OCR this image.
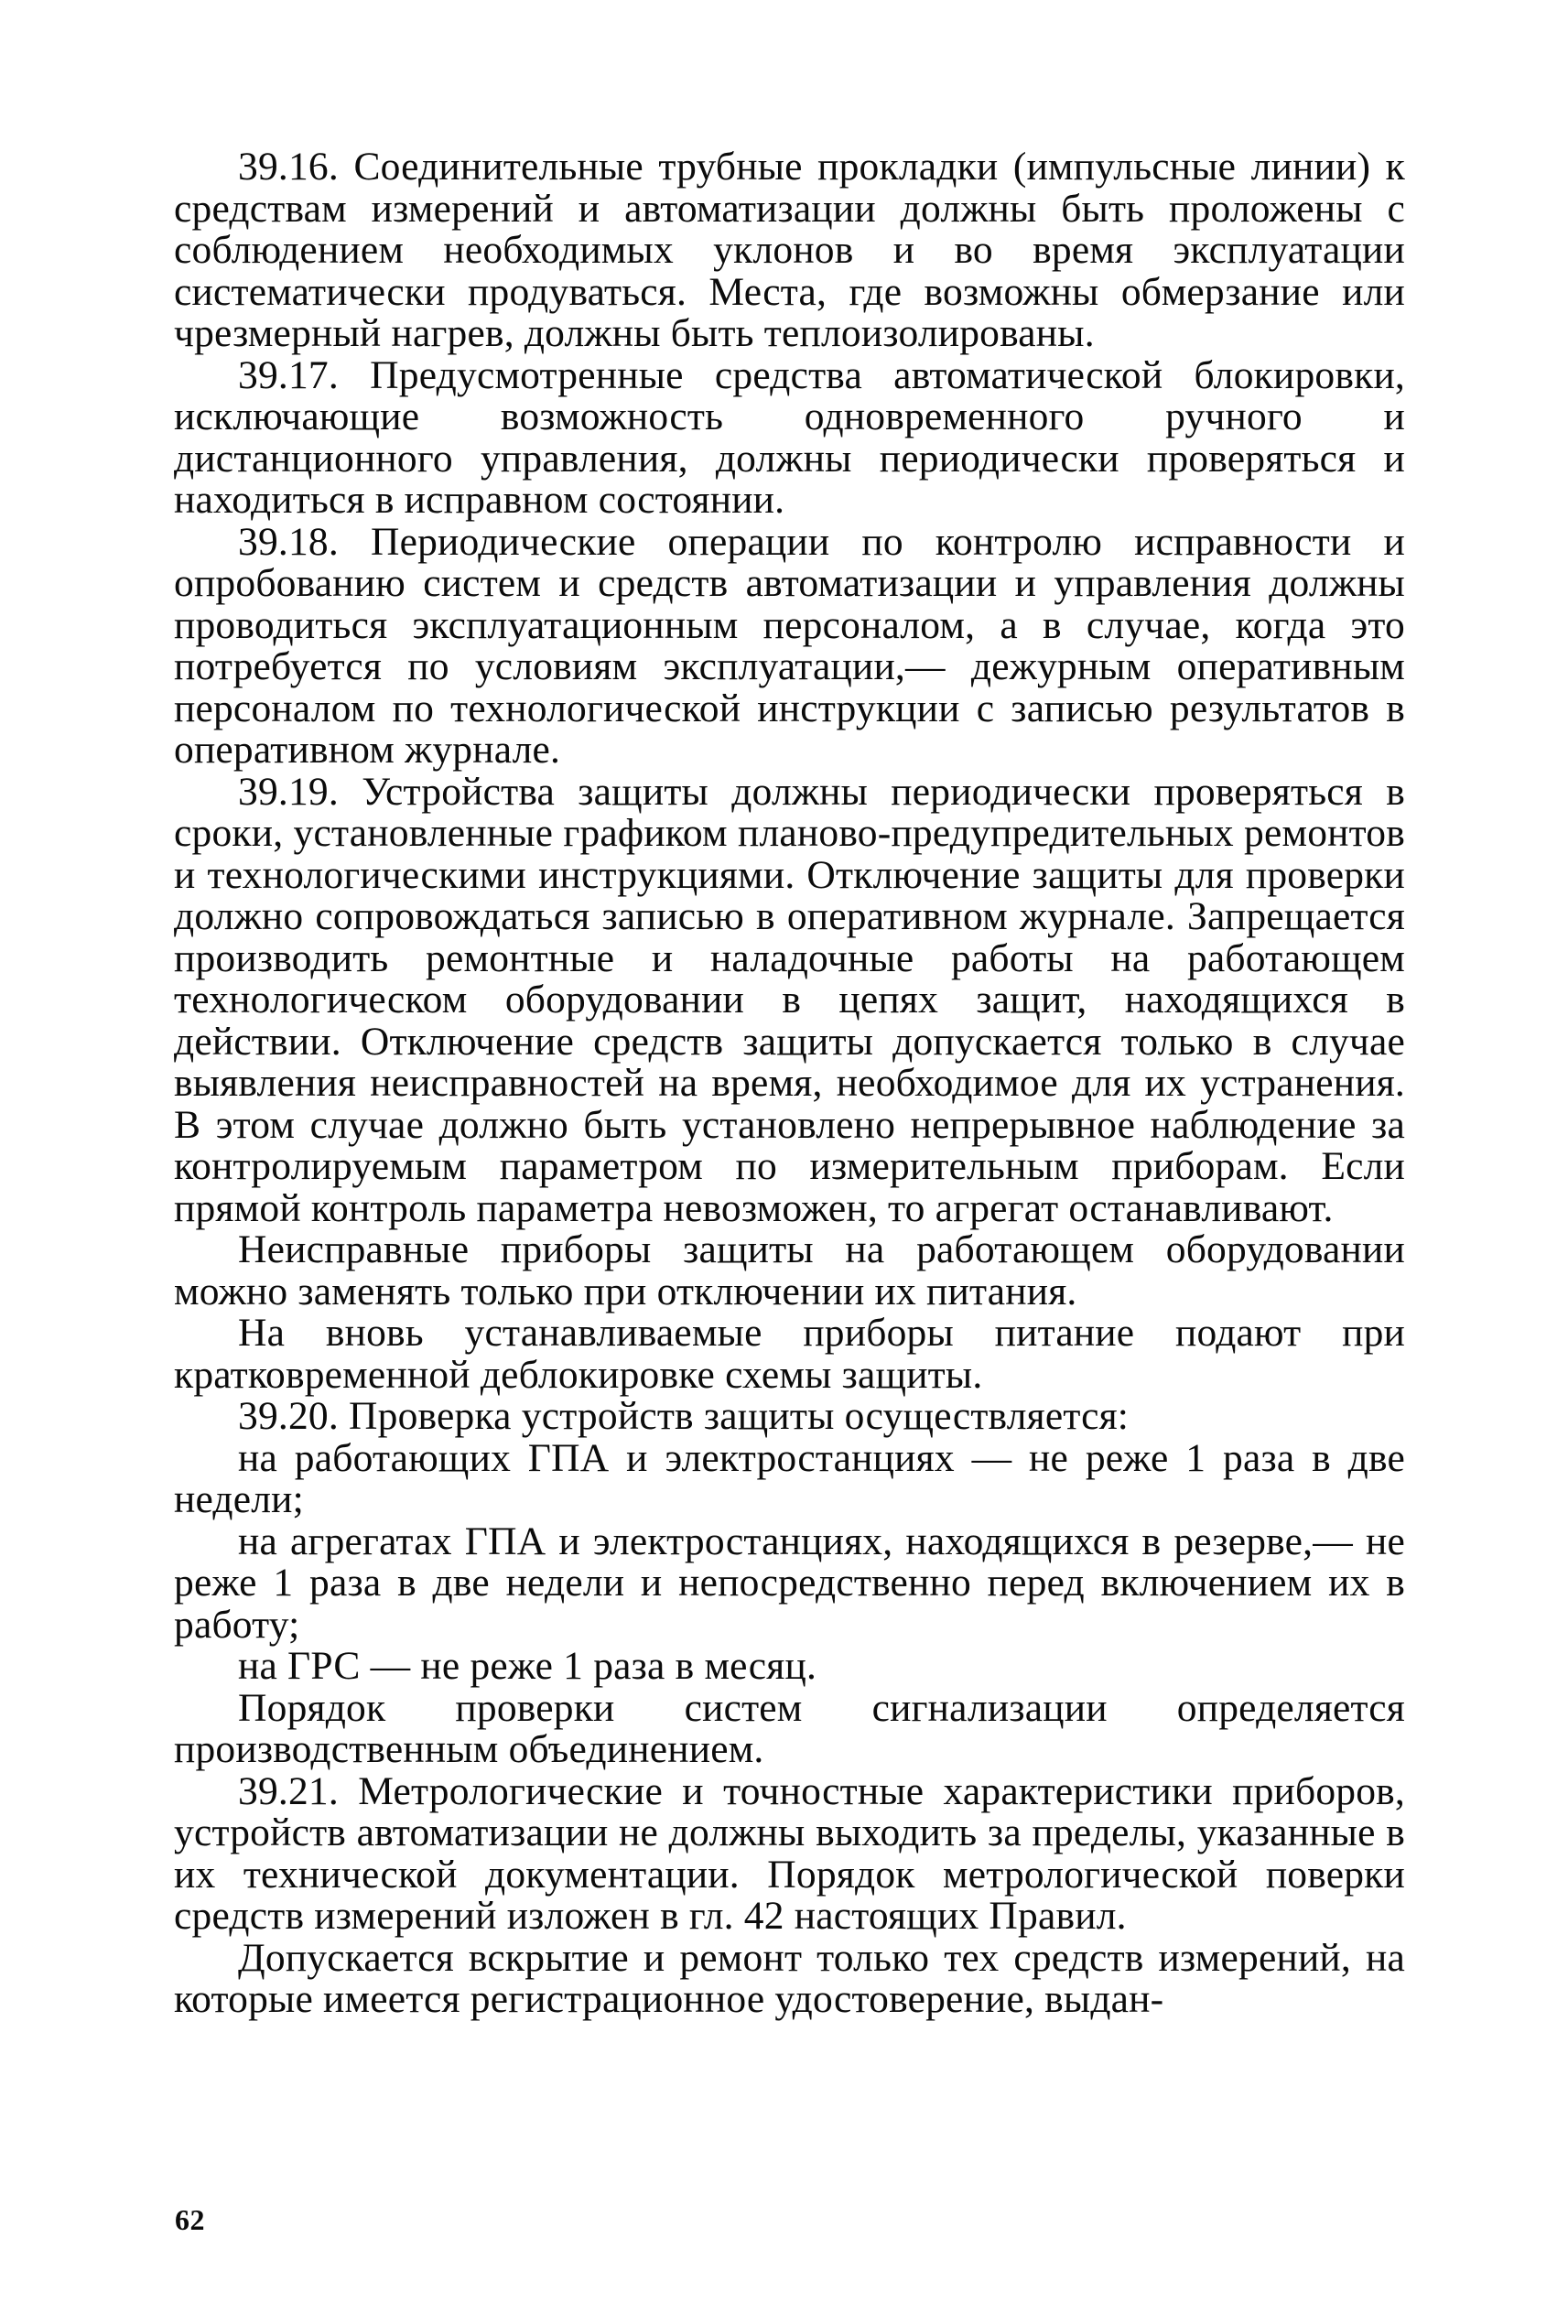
39.16. Соединительные трубные прокладки (импульсные линии) к средствам измерений и автоматизации должны быть проложены с соблюдением необходимых уклонов и во время эксплуатации систематически продуваться. Места, где возможны обмерзание или чрезмерный нагрев, должны быть теплоизолированы.

39.17. Предусмотренные средства автоматической блокировки, исключающие возможность одновременного ручного и дистанционного управления, должны периодически проверяться и находиться в исправном состоянии.

39.18. Периодические операции по контролю исправности и опробованию систем и средств автоматизации и управления должны проводиться эксплуатационным персоналом, а в случае, когда это потребуется по условиям эксплуатации,— дежурным оперативным персоналом по технологической инструкции с записью результатов в оперативном журнале.

39.19. Устройства защиты должны периодически проверяться в сроки, установленные графиком планово-предупредительных ремонтов и технологическими инструкциями. Отключение защиты для проверки должно сопровождаться записью в оперативном журнале. Запрещается производить ремонтные и наладочные работы на работающем технологическом оборудовании в цепях защит, находящихся в действии. Отключение средств защиты допускается только в случае выявления неисправностей на время, необходимое для их устранения. В этом случае должно быть установлено непрерывное наблюдение за контролируемым параметром по измерительным приборам. Если прямой контроль параметра невозможен, то агрегат останавливают.

Неисправные приборы защиты на работающем оборудовании можно заменять только при отключении их питания.

На вновь устанавливаемые приборы питание подают при кратковременной деблокировке схемы защиты.

39.20. Проверка устройств защиты осуществляется:

на работающих ГПА и электростанциях — не реже 1 раза в две недели;

на агрегатах ГПА и электростанциях, находящихся в резерве,— не реже 1 раза в две недели и непосредственно перед включением их в работу;

на ГРС — не реже 1 раза в месяц.

Порядок проверки систем сигнализации определяется производственным объединением.

39.21. Метрологические и точностные характеристики приборов, устройств автоматизации не должны выходить за пределы, указанные в их технической документации. Порядок метрологической поверки средств измерений изложен в гл. 42 настоящих Правил.

Допускается вскрытие и ремонт только тех средств измерений, на которые имеется регистрационное удостоверение, выдан-

62
